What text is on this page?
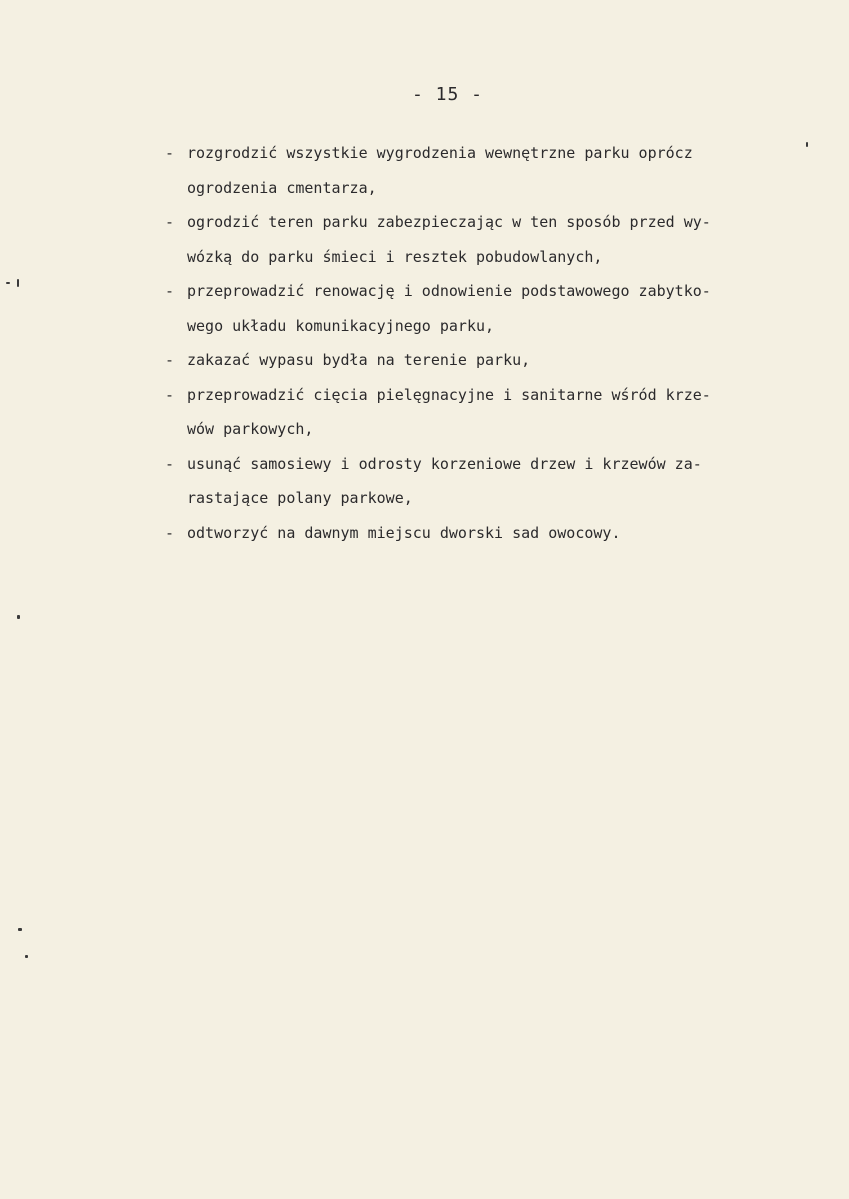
- 15 -
- rozgrodzić wszystkie wygrodzenia wewnętrzne parku oprócz
ogrodzenia cmentarza,
- ogrodzić teren parku zabezpieczając w ten sposób przed wy-
wózką do parku śmieci i resztek pobudowlanych,
- przeprowadzić renowację i odnowienie podstawowego zabytko-
wego układu komunikacyjnego parku,
- zakazać wypasu bydła na terenie parku,
- przeprowadzić cięcia pielęgnacyjne i sanitarne wśród krze-
wów parkowych,
- usunąć samosiewy i odrosty korzeniowe drzew i krzewów za-
rastające polany parkowe,
- odtworzyć na dawnym miejscu dworski sad owocowy.
